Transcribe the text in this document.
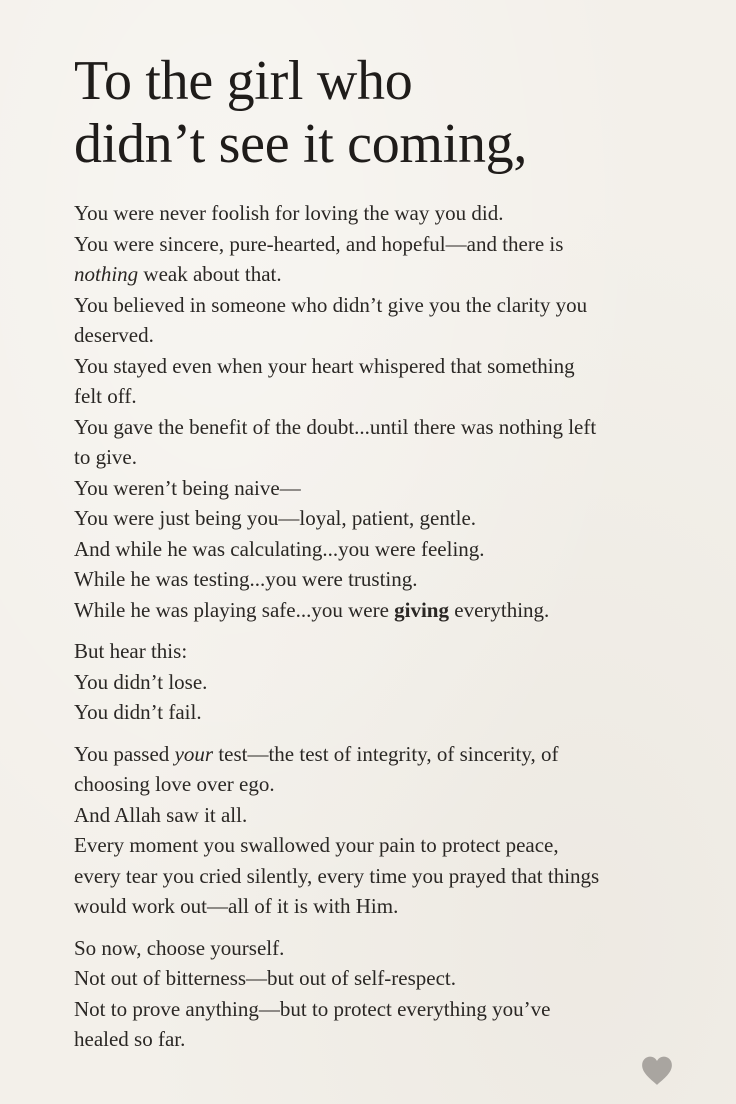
To the girl who
didn’t see it coming,
You were never foolish for loving the way you did.
You were sincere, pure-hearted, and hopeful—and there is
nothing weak about that.
You believed in someone who didn’t give you the clarity you
deserved.
You stayed even when your heart whispered that something
felt off.
You gave the benefit of the doubt...until there was nothing left
to give.
You weren’t being naive—
You were just being you—loyal, patient, gentle.
And while he was calculating...you were feeling.
While he was testing...you were trusting.
While he was playing safe...you were giving everything.
But hear this:
You didn’t lose.
You didn’t fail.
You passed your test—the test of integrity, of sincerity, of
choosing love over ego.
And Allah saw it all.
Every moment you swallowed your pain to protect peace,
every tear you cried silently, every time you prayed that things
would work out—all of it is with Him.
So now, choose yourself.
Not out of bitterness—but out of self-respect.
Not to prove anything—but to protect everything you’ve
healed so far.
